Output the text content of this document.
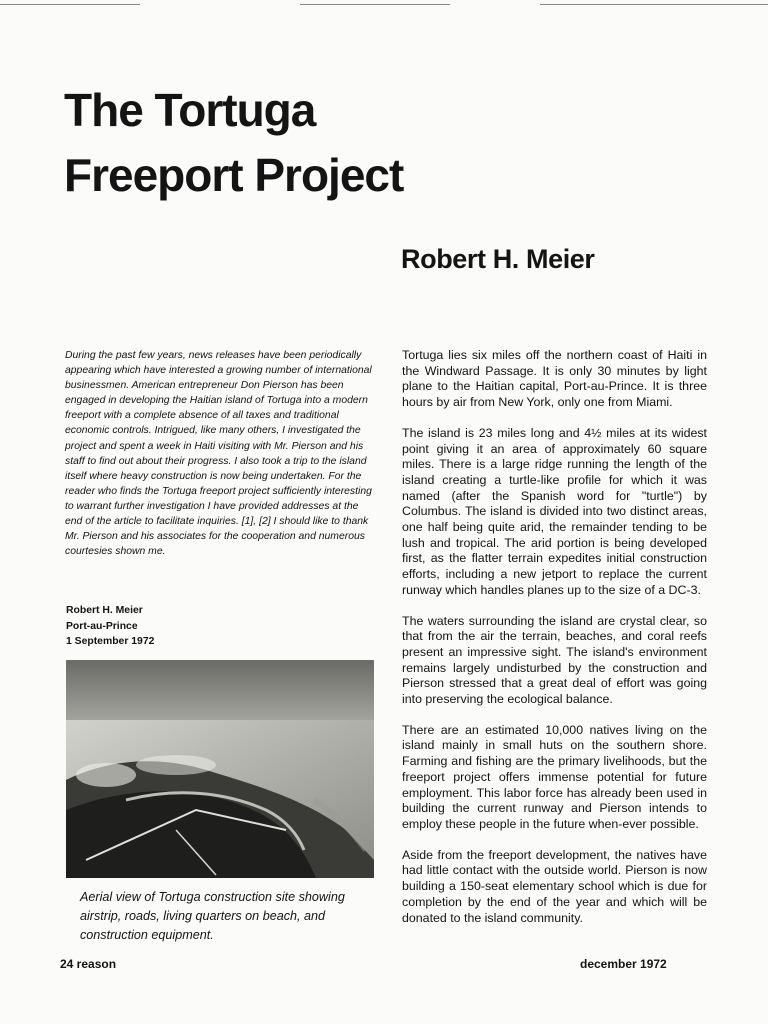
The Tortuga
Freeport Project
Robert H. Meier

During the past few years, news releases have been periodically appearing which have interested a growing number of international businessmen. American entrepreneur Don Pierson has been engaged in developing the Haitian island of Tortuga into a modern freeport with a complete absence of all taxes and traditional economic controls. Intrigued, like many others, I investigated the project and spent a week in Haiti visiting with Mr. Pierson and his staff to find out about their progress. I also took a trip to the island itself where heavy construction is now being undertaken. For the reader who finds the Tortuga freeport project sufficiently interesting to warrant further investigation I have provided addresses at the end of the article to facilitate inquiries. [1], [2] I should like to thank Mr. Pierson and his associates for the cooperation and numerous courtesies shown me.

Robert H. Meier
Port-au-Prince
1 September 1972
Aerial view of Tortuga construction site showing airstrip, roads, living quarters on beach, and construction equipment.

Tortuga lies six miles off the northern coast of Haiti in the Windward Passage. It is only 30 minutes by light plane to the Haitian capital, Port-au-Prince. It is three hours by air from New York, only one from Miami.

The island is 23 miles long and 4½ miles at its widest point giving it an area of approximately 60 square miles. There is a large ridge running the length of the island creating a turtle-like profile for which it was named (after the Spanish word for "turtle") by Columbus. The island is divided into two distinct areas, one half being quite arid, the remainder tending to be lush and tropical. The arid portion is being developed first, as the flatter terrain expedites initial construction efforts, including a new jetport to replace the current runway which handles planes up to the size of a DC-3.

The waters surrounding the island are crystal clear, so that from the air the terrain, beaches, and coral reefs present an impressive sight. The island's environment remains largely undisturbed by the construction and Pierson stressed that a great deal of effort was going into preserving the ecological balance.

There are an estimated 10,000 natives living on the island mainly in small huts on the southern shore. Farming and fishing are the primary livelihoods, but the freeport project offers immense potential for future employment. This labor force has already been used in building the current runway and Pierson intends to employ these people in the future when-ever possible.

Aside from the freeport development, the natives have had little contact with the outside world. Pierson is now building a 150-seat elementary school which is due for completion by the end of the year and which will be donated to the island community.

24 reason	december 1972
